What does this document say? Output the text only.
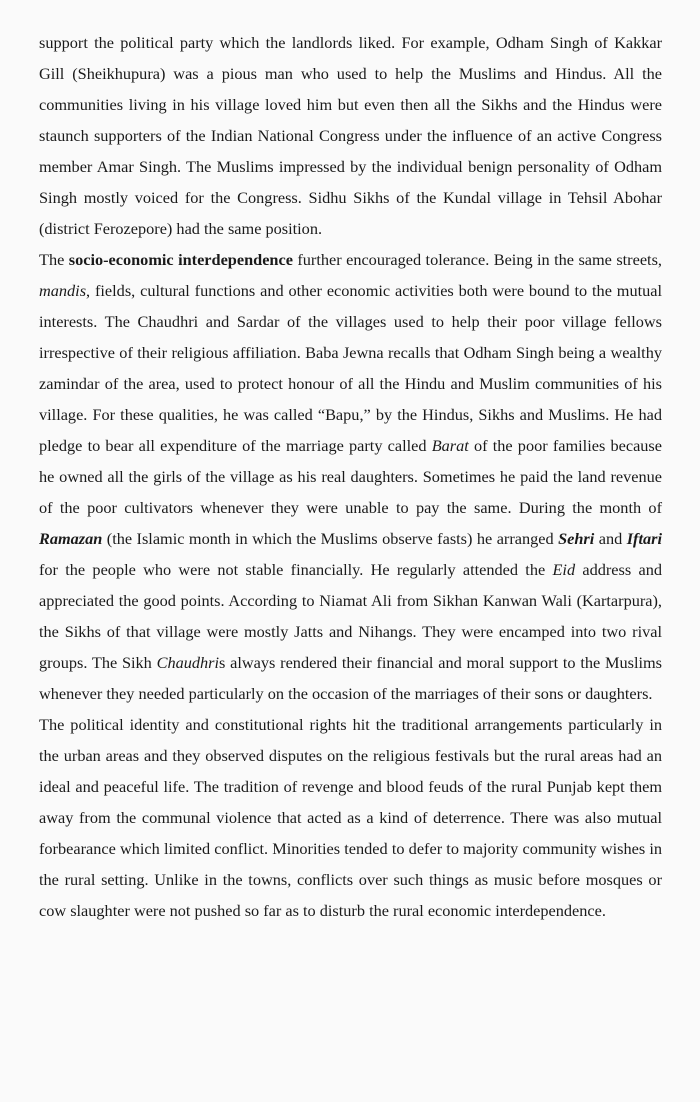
support the political party which the landlords liked. For example, Odham Singh of Kakkar Gill (Sheikhupura) was a pious man who used to help the Muslims and Hindus. All the communities living in his village loved him but even then all the Sikhs and the Hindus were staunch supporters of the Indian National Congress under the influence of an active Congress member Amar Singh. The Muslims impressed by the individual benign personality of Odham Singh mostly voiced for the Congress. Sidhu Sikhs of the Kundal village in Tehsil Abohar (district Ferozepore) had the same position.

The socio-economic interdependence further encouraged tolerance. Being in the same streets, mandis, fields, cultural functions and other economic activities both were bound to the mutual interests. The Chaudhri and Sardar of the villages used to help their poor village fellows irrespective of their religious affiliation. Baba Jewna recalls that Odham Singh being a wealthy zamindar of the area, used to protect honour of all the Hindu and Muslim communities of his village. For these qualities, he was called “Bapu,” by the Hindus, Sikhs and Muslims. He had pledge to bear all expenditure of the marriage party called Barat of the poor families because he owned all the girls of the village as his real daughters. Sometimes he paid the land revenue of the poor cultivators whenever they were unable to pay the same. During the month of Ramazan (the Islamic month in which the Muslims observe fasts) he arranged Sehri and Iftari for the people who were not stable financially. He regularly attended the Eid address and appreciated the good points. According to Niamat Ali from Sikhan Kanwan Wali (Kartarpura), the Sikhs of that village were mostly Jatts and Nihangs. They were encamped into two rival groups. The Sikh Chaudhris always rendered their financial and moral support to the Muslims whenever they needed particularly on the occasion of the marriages of their sons or daughters.

The political identity and constitutional rights hit the traditional arrangements particularly in the urban areas and they observed disputes on the religious festivals but the rural areas had an ideal and peaceful life. The tradition of revenge and blood feuds of the rural Punjab kept them away from the communal violence that acted as a kind of deterrence. There was also mutual forbearance which limited conflict. Minorities tended to defer to majority community wishes in the rural setting. Unlike in the towns, conflicts over such things as music before mosques or cow slaughter were not pushed so far as to disturb the rural economic interdependence.
